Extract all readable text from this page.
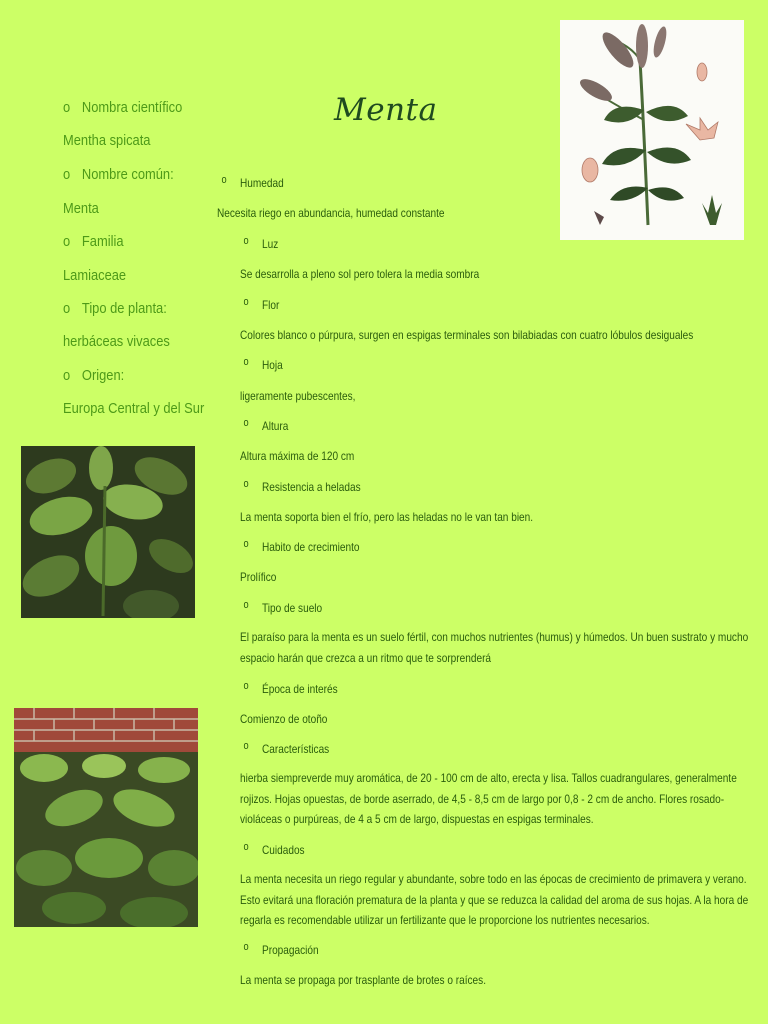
Menta
o Nombra científico
Mentha spicata
o Nombre común:
Menta
o Familia
Lamiaceae
o Tipo de planta:
herbáceas vivaces
o Origen:
Europa Central y del Sur
o Humedad
Necesita riego en abundancia, humedad constante
o Luz
Se desarrolla a pleno sol pero tolera la media sombra
o Flor
Colores blanco o púrpura, surgen en espigas terminales son bilabiadas con cuatro lóbulos desiguales
o Hoja
ligeramente pubescentes,
o Altura
Altura máxima de 120 cm
o Resistencia a heladas
La menta soporta bien el frío, pero las heladas no le van tan bien.
o Habito de crecimiento
Prolífico
o Tipo de suelo
El paraíso para la menta es un suelo fértil, con muchos nutrientes (humus) y húmedos. Un buen sustrato y mucho espacio harán que crezca a un ritmo que te sorprenderá
o Época de interés
Comienzo de otoño
o Características
hierba siempreverde muy aromática, de 20 - 100 cm de alto, erecta y lisa. Tallos cuadrangulares, generalmente rojizos. Hojas opuestas, de borde aserrado, de 4,5 - 8,5 cm de largo por 0,8 - 2 cm de ancho. Flores rosado-violáceas o purpúreas, de 4 a 5 cm de largo, dispuestas en espigas terminales.
o Cuidados
La menta necesita un riego regular y abundante, sobre todo en las épocas de crecimiento de primavera y verano. Esto evitará una floración prematura de la planta y que se reduzca la calidad del aroma de sus hojas. A la hora de regarla es recomendable utilizar un fertilizante que le proporcione los nutrientes necesarios.
o Propagación
La menta se propaga por trasplante de brotes o raíces.
